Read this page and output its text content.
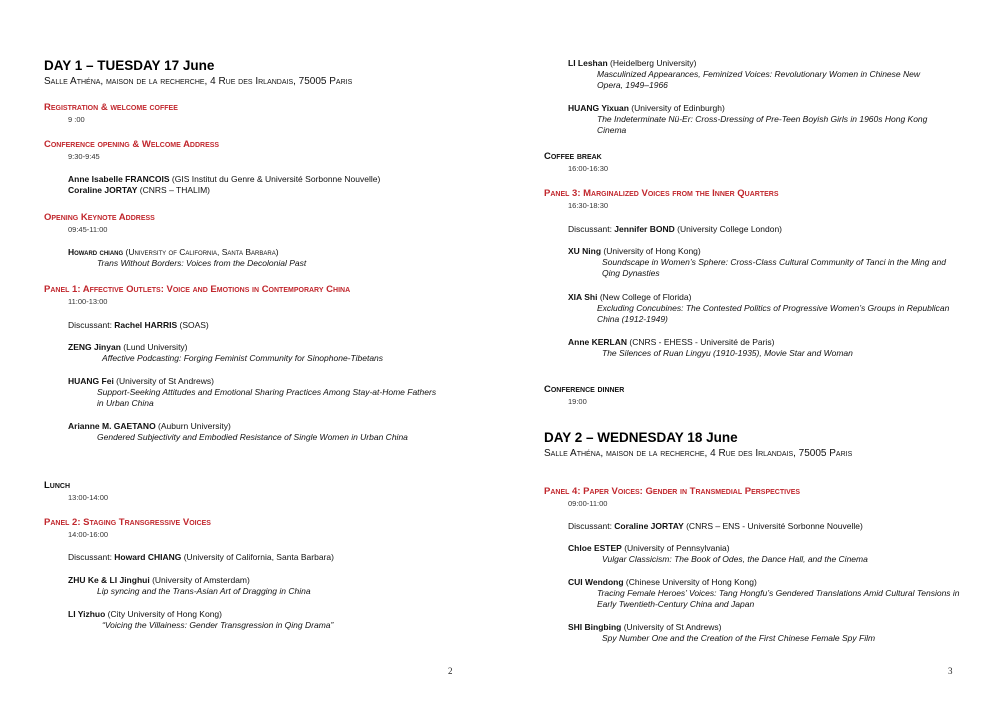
DAY 1 – TUESDAY 17 June
Salle Athéna, maison de la recherche, 4 Rue des Irlandais, 75005 Paris
Registration & welcome coffee
9 :00
Conference opening & Welcome Address
9:30-9:45
Anne Isabelle FRANCOIS (GIS Institut du Genre & Université Sorbonne Nouvelle)
Coraline JORTAY (CNRS – THALIM)
Opening Keynote Address
09:45-11:00
Howard chiang (University of California, Santa Barbara)
Trans Without Borders: Voices from the Decolonial Past
Panel 1: Affective Outlets: Voice and Emotions in Contemporary China
11:00-13:00
Discussant: Rachel HARRIS (SOAS)
ZENG Jinyan (Lund University)
Affective Podcasting: Forging Feminist Community for Sinophone-Tibetans
HUANG Fei (University of St Andrews)
Support-Seeking Attitudes and Emotional Sharing Practices Among Stay-at-Home Fathers in Urban China
Arianne M. GAETANO (Auburn University)
Gendered Subjectivity and Embodied Resistance of Single Women in Urban China
Lunch
13:00-14:00
Panel 2: Staging Transgressive Voices
14:00-16:00
Discussant: Howard CHIANG (University of California, Santa Barbara)
ZHU Ke & LI Jinghui (University of Amsterdam)
Lip syncing and the Trans-Asian Art of Dragging in China
LI Yizhuo (City University of Hong Kong)
“Voicing the Villainess: Gender Transgression in Qing Drama”
2
LI Leshan (Heidelberg University)
Masculinized Appearances, Feminized Voices: Revolutionary Women in Chinese New Opera, 1949–1966
HUANG Yixuan (University of Edinburgh)
The Indeterminate Nü-Er: Cross-Dressing of Pre-Teen Boyish Girls in 1960s Hong Kong Cinema
Coffee break
16:00-16:30
Panel 3: Marginalized Voices from the Inner Quarters
16:30-18:30
Discussant: Jennifer BOND (University College London)
XU Ning (University of Hong Kong)
Soundscape in Women’s Sphere: Cross-Class Cultural Community of Tanci in the Ming and Qing Dynasties
XIA Shi (New College of Florida)
Excluding Concubines: The Contested Politics of Progressive Women’s Groups in Republican China (1912-1949)
Anne KERLAN (CNRS - EHESS - Université de Paris)
The Silences of Ruan Lingyu (1910-1935), Movie Star and Woman
Conference dinner
19:00
DAY 2 – WEDNESDAY 18 June
Salle Athéna, maison de la recherche, 4 Rue des Irlandais, 75005 Paris
Panel 4: Paper Voices: Gender in Transmedial Perspectives
09:00-11:00
Discussant: Coraline JORTAY (CNRS – ENS - Université Sorbonne Nouvelle)
Chloe ESTEP (University of Pennsylvania)
Vulgar Classicism: The Book of Odes, the Dance Hall, and the Cinema
CUI Wendong (Chinese University of Hong Kong)
Tracing Female Heroes’ Voices: Tang Hongfu’s Gendered Translations Amid Cultural Tensions in Early Twentieth-Century China and Japan
SHI Bingbing (University of St Andrews)
Spy Number One and the Creation of the First Chinese Female Spy Film
3
